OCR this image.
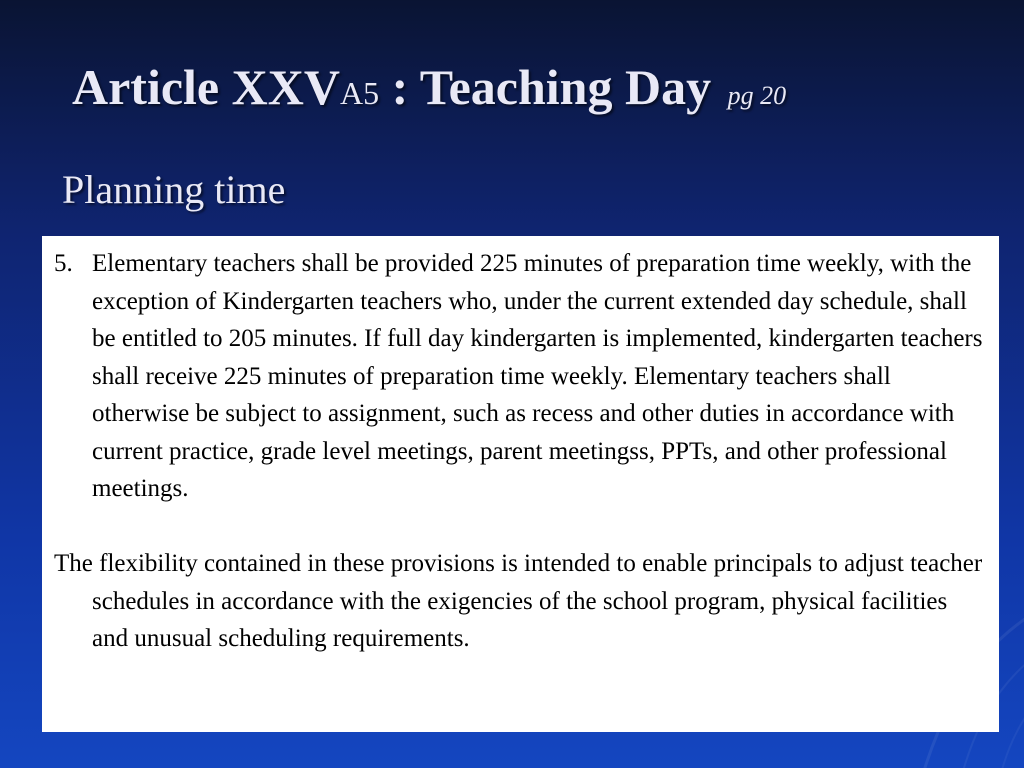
Article XXVA5 : Teaching Day pg 20
Planning time

5. Elementary teachers shall be provided 225 minutes of preparation time weekly, with the exception of Kindergarten teachers who, under the current extended day schedule, shall be entitled to 205 minutes. If full day kindergarten is implemented, kindergarten teachers shall receive 225 minutes of preparation time weekly. Elementary teachers shall otherwise be subject to assignment, such as recess and other duties in accordance with current practice, grade level meetings, parent meetingss, PPTs, and other professional meetings.

The flexibility contained in these provisions is intended to enable principals to adjust teacher schedules in accordance with the exigencies of the school program, physical facilities and unusual scheduling requirements.
